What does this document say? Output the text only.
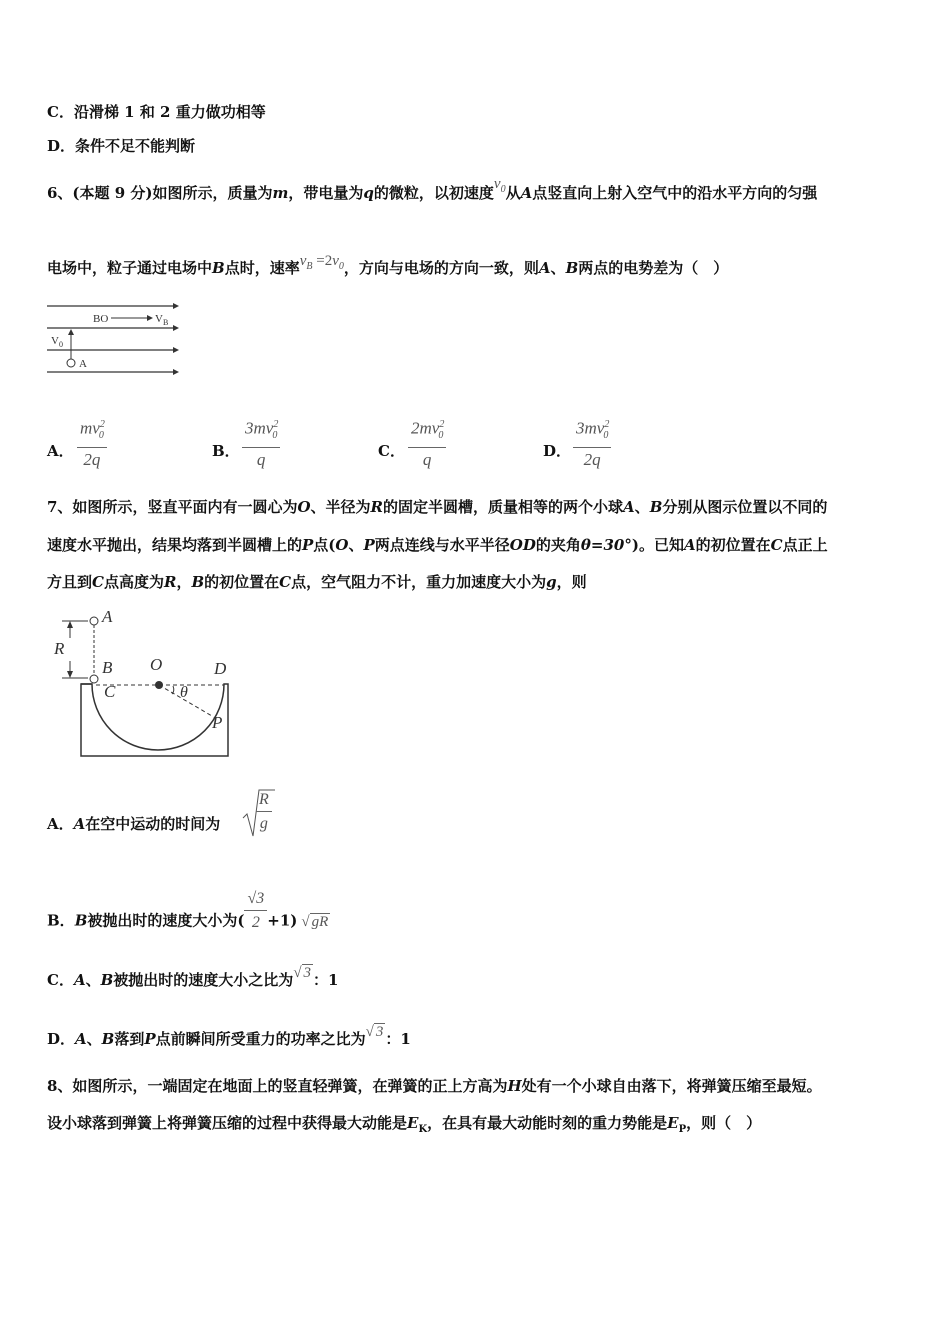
C．沿滑梯 1 和 2 重力做功相等
D．条件不足不能判断
6、(本题 9 分)如图所示，质量为m，带电量为q的微粒，以初速度$v_0$从A点竖直向上射入空气中的沿水平方向的匀强
电场中，粒子通过电场中B点时，速率$v_B =2v_0$，方向与电场的方向一致，则A、B两点的电势差为（　）
BO	$V_B$
$V_0$
A
A． $\frac{mv^2_0}{2q}$	B． $\frac{3mv^2_0}{q}$	C． $\frac{2mv^2_0}{q}$	D． $\frac{3mv^2_0}{2q}$
7、如图所示，竖直平面内有一圆心为O、半径为R的固定半圆槽，质量相等的两个小球A、B分别从图示位置以不同的
速度水平抛出，结果均落到半圆槽上的P点(O、P两点连线与水平半径OD的夹角θ=30°)。已知A的初位置在C点正上
方且到C点高度为R，B的初位置在C点，空气阻力不计，重力加速度大小为g，则
R
A
B
C
O	D
θ
P
A．A在空中运动的时间为 $\frac{R}{g}$
B．B被抛出时的速度大小为( $\frac{√3}{2} +1$) √ gR
C．A、B被抛出时的速度大小之比为√ 3 ：1
D．A、B落到P点前瞬间所受重力的功率之比为√ 3 ：1
8、如图所示，一端固定在地面上的竖直轻弹簧，在弹簧的正上方高为H处有一个小球自由落下，将弹簧压缩至最短。
设小球落到弹簧上将弹簧压缩的过程中获得最大动能是$E_K$，在具有最大动能时刻的重力势能是$E_P$，则（　）
